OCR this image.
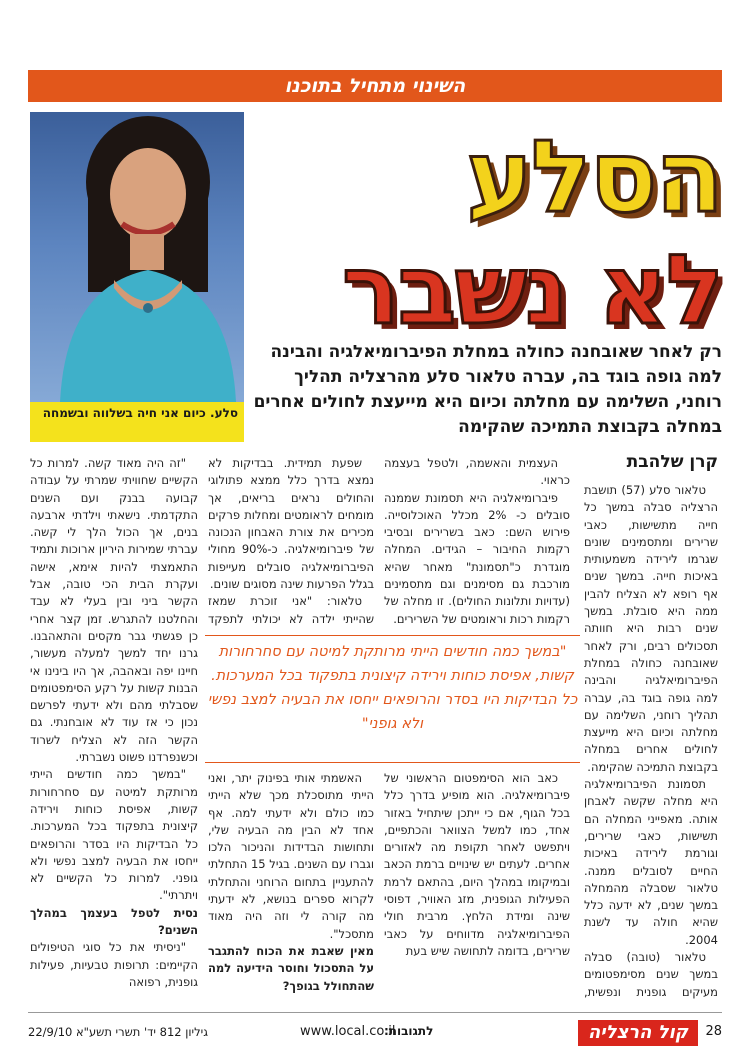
השינוי מתחיל בתוכנו
סלע. כיום אני חיה בשלווה ובשמחה
הסלע
לא נשבר
רק לאחר שאובחנה כחולה במחלת הפיברומיאלגיה והבינה למה גופה בוגד בה, עברה טלאור סלע מהרצליה תהליך רוחני, השלימה עם מחלתה וכיום היא מייעצת לחולים אחרים במחלה בקבוצת התמיכה שהקימה
קרן שלהבת

טלאור סלע (57) תושבת הרצליה סבלה במשך כל חייה מתשישות, כאבי שרירים ומתסמינים שונים שגרמו לירידה משמעותית באיכות חייה. במשך שנים אף רופא לא הצליח להבין ממה היא סובלת. במשך שנים רבות היא חוותה תסכולים רבים, ורק לאחר שאובחנה כחולה במחלת הפיברומיאלגיה והבינה למה גופה בוגד בה, עברה תהליך רוחני, השלימה עם מחלתה וכיום היא מייעצת לחולים אחרים במחלה בקבוצת התמיכה שהקימה.

תסמונת הפיברומיאלגיה היא מחלה שקשה לאבחן אותה. מאפייני המחלה הם תשישות, כאבי שרירים, וגורמת לירידה באיכות החיים לסובלים ממנה. טלאור שסבלה מהמחלה במשך שנים, לא ידעה כלל שהיא חולה עד לשנת 2004.

טלאור (טובה) סבלה במשך שנים מסימפטומים מעיקים גופנית ונפשית,

העצמית והאשמה, ולטפל בעצמה כראוי.

פיברומיאלגיה היא תסמונת שממנה סובלים כ- 2% מכלל האוכלוסייה. פירוש השם: כאב בשרירים ובסיבי רקמות החיבור – הגידים. המחלה מוגדרת כ"תסמונת" מאחר שהיא מורכבת גם מסימנים וגם מתסמינים (עדויות ותלונות החולים). זו מחלה של רקמות רכות וראומטים של השרירים.

שפעת תמידית. בבדיקות לא נמצא בדרך כלל ממצא פתולוגי והחולים נראים בריאים, אך מומחים לראומטים ומחלות פרקים מכירים את צורת האבחון הנכונה של פיברומיאלגיה. כ-90% מחולי הפיברומיאלגיה סובלים מעייפות בגלל הפרעות שינה מסוגים שונים.

טלאור: "אני זוכרת שמאז שהייתי ילדה לא יכולתי לתפקד

"זה היה מאוד קשה. למרות כל הקשיים שחוויתי שמרתי על עבודה קבועה בבנק ועם השנים התקדמתי. נישאתי וילדתי ארבעה בנים, אך הכול הלך לי קשה. עברתי שמירות היריון ארוכות ותמיד התאמצתי להיות אימא, אישה ועקרת הבית הכי טובה, אבל הקשר ביני ובין בעלי לא עבד והחלטנו להתגרש. זמן קצר אחרי כן פגשתי גבר מקסים והתאהבנו. גרנו יחד למשך למעלה מעשור, חיינו יפה ובאהבה, אך היו בינינו אי הבנות קשות על רקע הסימפטומים שסבלתי מהם ולא ידעתי לפרשם נכון כי אז עוד לא אובחנתי. גם הקשר הזה לא הצליח לשרוד וכשנפרדנו פשוט נשברתי.

"במשך כמה חודשים הייתי מרותקת למיטה עם סחרחורות קשות, אפיסת כוחות וירידה קיצונית בתפקוד בכל המערכות. כל הבדיקות היו בסדר והרופאים ייחסו את הבעיה למצב נפשי ולא גופני. למרות כל הקשיים לא ויתרתי".

נסית לטפל בעצמך במהלך השנים?

"ניסיתי את כל סוגי הטיפולים הקיימים: תרופות טבעיות, פעילות גופנית, רפואה

"במשך כמה חודשים הייתי מרותקת למיטה עם סחרחורות קשות, אפיסת כוחות וירידה קיצונית בתפקוד בכל המערכות. כל הבדיקות היו בסדר והרופאים ייחסו את הבעיה למצב נפשי ולא גופני"

כאב הוא הסימפטום הראשוני של פיברומיאלגיה. הוא מופיע בדרך כלל בכל הגוף, אם כי ייתכן שיתחיל באזור אחד, כמו למשל הצוואר והכתפיים, ויתפשט לאחר תקופת מה לאזורים אחרים. לעתים יש שינויים ברמת הכאב ובמיקומו במהלך היום, בהתאם לרמת הפעילות הגופנית, מזג האוויר, דפוסי שינה ומידת הלחץ. מרבית חולי הפיברומיאלגיה מדווחים על כאבי שרירים, בדומה לתחושה שיש בעת

האשמתי אותי בפינוק יתר, ואני הייתי מתוסכלת מכך שלא הייתי כמו כולם ולא ידעתי למה. אף אחד לא הבין מה הבעיה שלי, ותחושות הבדידות והניכור הלכו וגברו עם השנים. בגיל 15 התחלתי להתעניין בתחום הרוחני והתחלתי לקרוא ספרים בנושא, לא ידעתי מה קורה לי וזה היה מאוד מתסכל".

מאין שאבת את הכוח להתגבר על התסכול וחוסר הידיעה למה שהתחולל בגופך?

28
קול הרצליה
לתגובות:
www.local.co.il
גיליון 812 יד' תשרי תשע"א 22/9/10
